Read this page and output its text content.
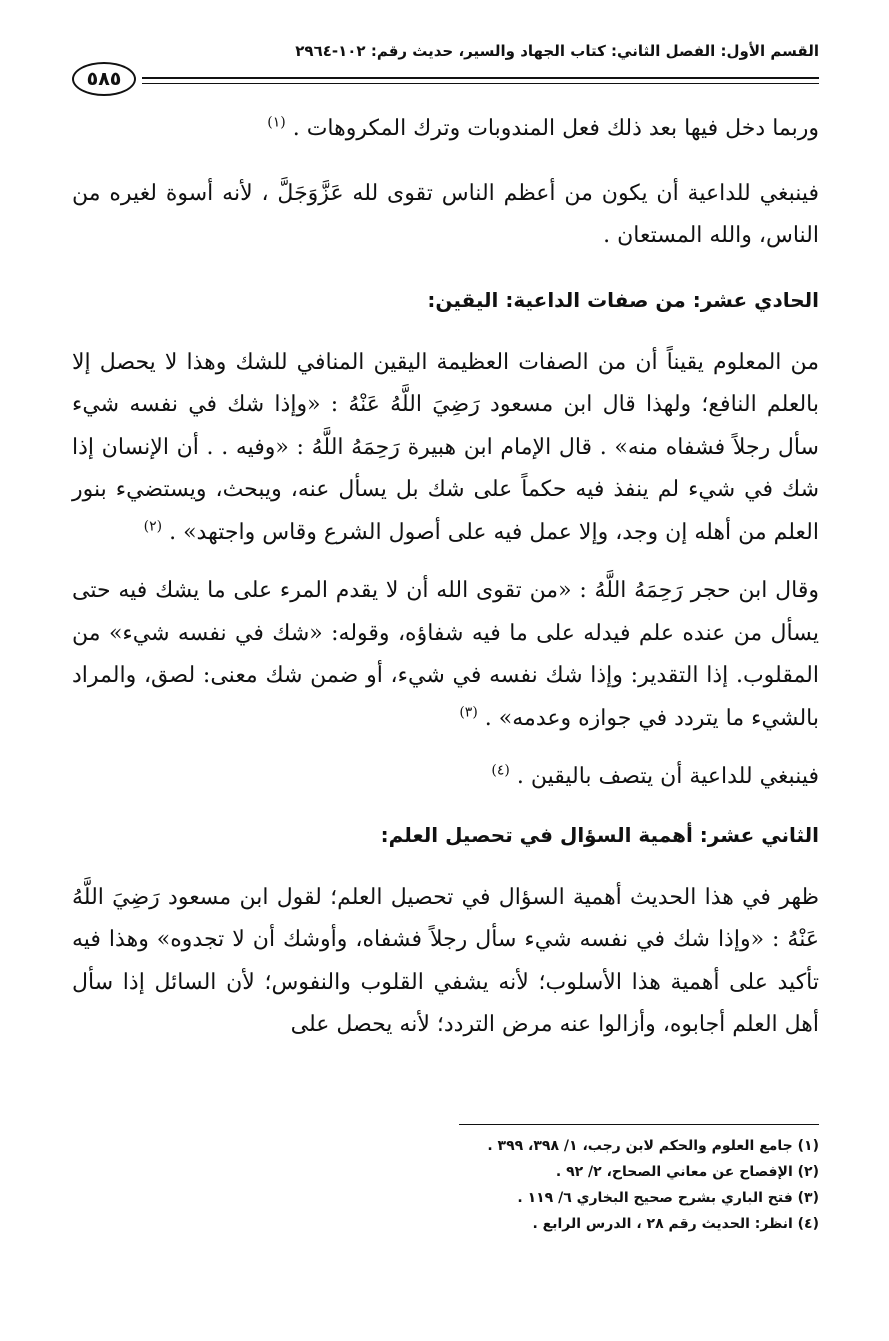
القسم الأول: الفصل الثاني: كتاب الجهاد والسير، حديث رقم: ١٠٢-٢٩٦٤
٥٨٥

وربما دخل فيها بعد ذلك فعل المندوبات وترك المكروهات . $^{(١)}$

فينبغي للداعية أن يكون من أعظم الناس تقوى لله عَزَّوَجَلَّ ، لأنه أسوة لغيره من الناس، والله المستعان .

الحادي عشر: من صفات الداعية: اليقين:

من المعلوم يقيناً أن من الصفات العظيمة اليقين المنافي للشك وهذا لا يحصل إلا بالعلم النافع؛ ولهذا قال ابن مسعود رَضِيَ اللَّهُ عَنْهُ : «وإذا شك في نفسه شيء سأل رجلاً فشفاه منه» . قال الإمام ابن هبيرة رَحِمَهُ اللَّهُ : «وفيه . . أن الإنسان إذا شك في شيء لم ينفذ فيه حكماً على شك بل يسأل عنه، ويبحث، ويستضيء بنور العلم من أهله إن وجد، وإلا عمل فيه على أصول الشرع وقاس واجتهد» . $^{(٢)}$

وقال ابن حجر رَحِمَهُ اللَّهُ : «من تقوى الله أن لا يقدم المرء على ما يشك فيه حتى يسأل من عنده علم فيدله على ما فيه شفاؤه، وقوله: «شك في نفسه شيء» من المقلوب. إذا التقدير: وإذا شك نفسه في شيء، أو ضمن شك معنى: لصق، والمراد بالشيء ما يتردد في جوازه وعدمه» . $^{(٣)}$

فينبغي للداعية أن يتصف باليقين . $^{(٤)}$

الثاني عشر: أهمية السؤال في تحصيل العلم:

ظهر في هذا الحديث أهمية السؤال في تحصيل العلم؛ لقول ابن مسعود رَضِيَ اللَّهُ عَنْهُ : «وإذا شك في نفسه شيء سأل رجلاً فشفاه، وأوشك أن لا تجدوه» وهذا فيه تأكيد على أهمية هذا الأسلوب؛ لأنه يشفي القلوب والنفوس؛ لأن السائل إذا سأل أهل العلم أجابوه، وأزالوا عنه مرض التردد؛ لأنه يحصل على

(١) جامع العلوم والحكم لابن رجب، ١/ ٣٩٨، ٣٩٩ .
(٢) الإفصاح عن معاني الصحاح، ٢/ ٩٢ .
(٣) فتح الباري بشرح صحيح البخاري ٦/ ١١٩ .
(٤) انظر: الحديث رقم ٢٨ ، الدرس الرابع .
